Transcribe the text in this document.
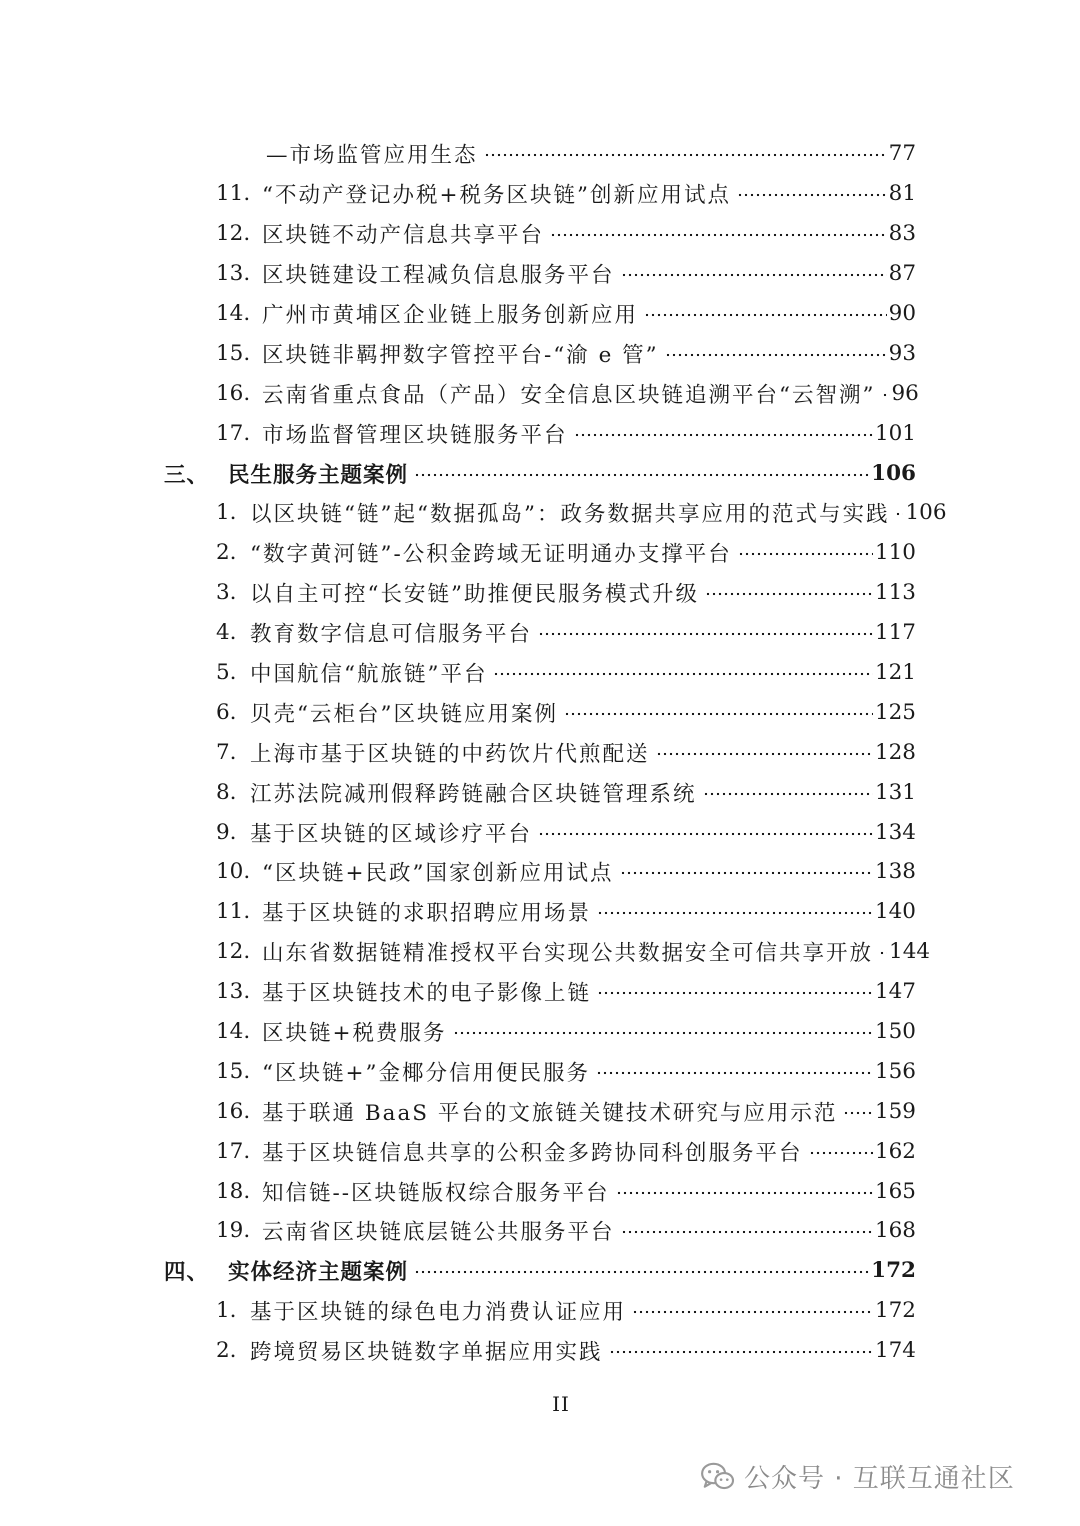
—市场监管应用生态	77
11. “不动产登记办税+税务区块链”创新应用试点	81
12. 区块链不动产信息共享平台	83
13. 区块链建设工程减负信息服务平台	87
14. 广州市黄埔区企业链上服务创新应用	90
15. 区块链非羁押数字管控平台-“渝 e 管”	93
16. 云南省重点食品（产品）安全信息区块链追溯平台“云智溯” 96
17. 市场监督管理区块链服务平台	101
三、 民生服务主题案例	106
1. 以区块链“链”起“数据孤岛”：政务数据共享应用的范式与实践 106
2. “数字黄河链”-公积金跨域无证明通办支撑平台	110
3. 以自主可控“长安链”助推便民服务模式升级	113
4. 教育数字信息可信服务平台	117
5. 中国航信“航旅链”平台	121
6. 贝壳“云柜台”区块链应用案例	125
7. 上海市基于区块链的中药饮片代煎配送	128
8. 江苏法院减刑假释跨链融合区块链管理系统	131
9. 基于区块链的区域诊疗平台	134
10. “区块链+民政”国家创新应用试点	138
11. 基于区块链的求职招聘应用场景	140
12. 山东省数据链精准授权平台实现公共数据安全可信共享开放 144
13. 基于区块链技术的电子影像上链	147
14. 区块链+税费服务	150
15. “区块链+”金椰分信用便民服务	156
16. 基于联通 BaaS 平台的文旅链关键技术研究与应用示范 159
17. 基于区块链信息共享的公积金多跨协同科创服务平台	162
18. 知信链--区块链版权综合服务平台	165
19. 云南省区块链底层链公共服务平台	168
四、 实体经济主题案例	172
1. 基于区块链的绿色电力消费认证应用	172
2. 跨境贸易区块链数字单据应用实践	174
II
公众号 · 互联互通社区
